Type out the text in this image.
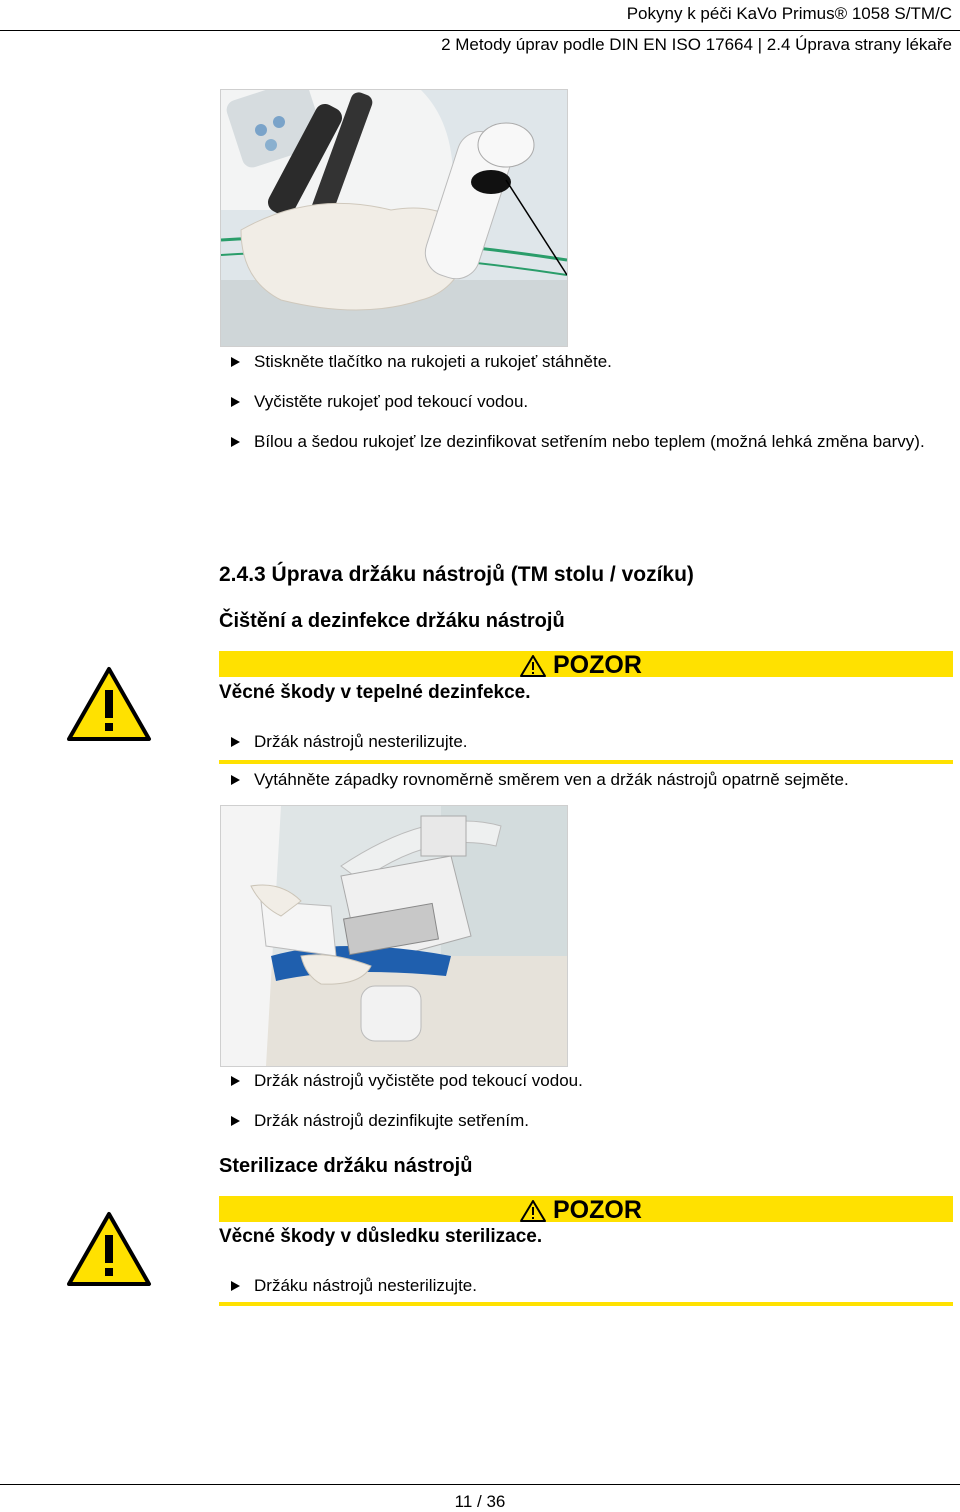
Pokyny k péči KaVo Primus® 1058 S/TM/C
2 Metody úprav podle DIN EN ISO 17664 | 2.4 Úprava strany lékaře
Stiskněte tlačítko na rukojeti a rukojeť stáhněte.
Vyčistěte rukojeť pod tekoucí vodou.
Bílou a šedou rukojeť lze dezinfikovat setřením nebo teplem (možná lehká změna barvy).
2.4.3 Úprava držáku nástrojů (TM stolu / vozíku)
Čištění a dezinfekce držáku nástrojů
POZOR
Věcné škody v tepelné dezinfekce.
Držák nástrojů nesterilizujte.
Vytáhněte západky rovnoměrně směrem ven a držák nástrojů opatrně sejměte.
Držák nástrojů vyčistěte pod tekoucí vodou.
Držák nástrojů dezinfikujte setřením.
Sterilizace držáku nástrojů
POZOR
Věcné škody v důsledku sterilizace.
Držáku nástrojů nesterilizujte.
11 / 36
